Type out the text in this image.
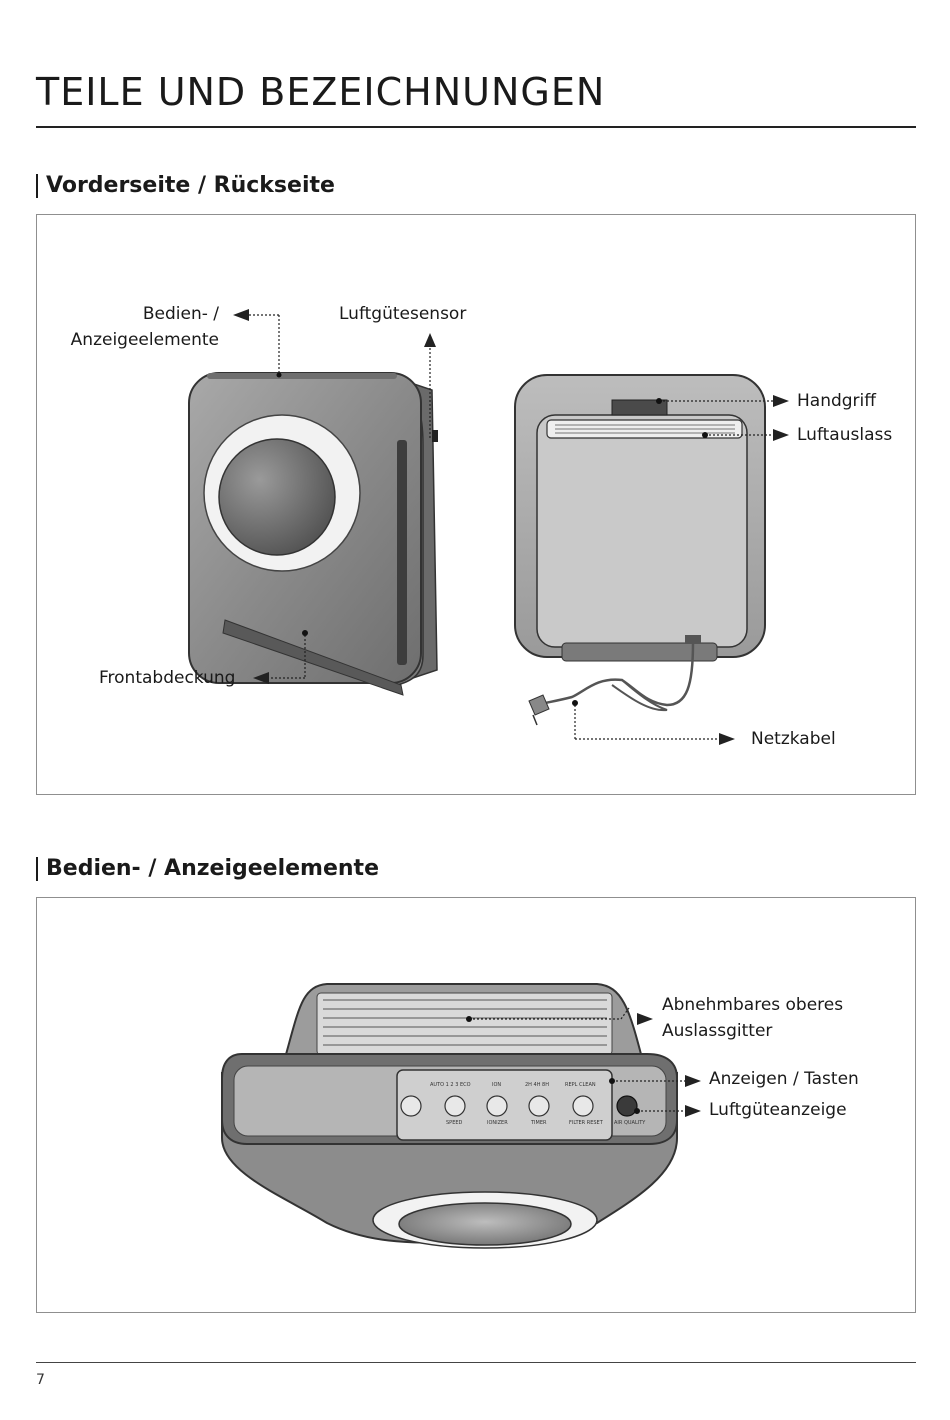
TEILE UND BEZEICHNUNGEN
Vorderseite / Rückseite
Bedien- /
Anzeigeelemente
Luftgütesensor
Frontabdeckung
Handgriff
Luftauslass
Netzkabel
Bedien- / Anzeigeelemente
AUTO 1 2 3 ECO	ION	2H 4H 8H	REPL CLEAN
SPEED	IONIZER	TIMER	FILTER RESET AIR QUALITY
Abnehmbares oberes
Auslassgitter
Anzeigen / Tasten
Luftgüteanzeige
7
